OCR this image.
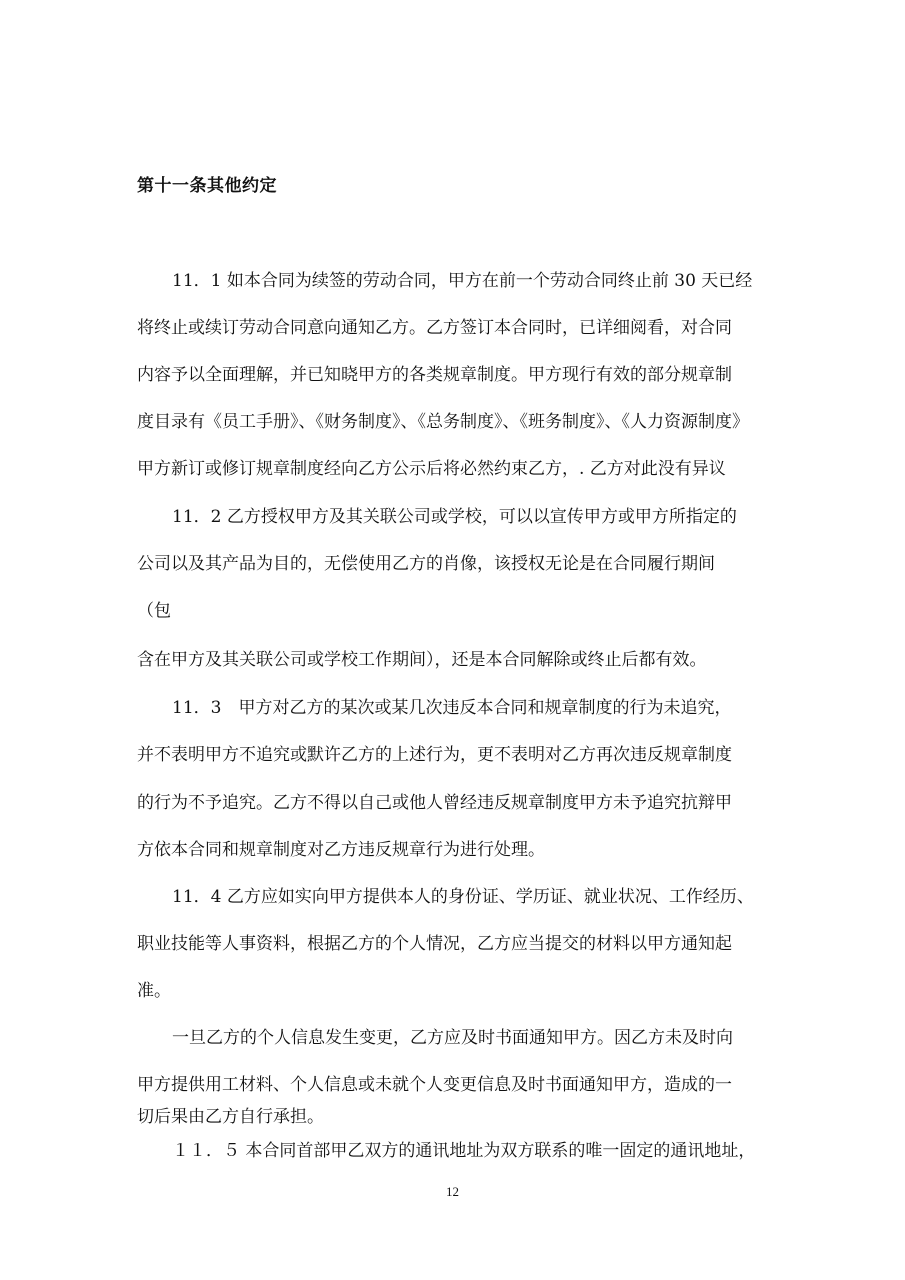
第十一条其他约定
11．1 如本合同为续签的劳动合同，甲方在前一个劳动合同终止前 30 天已经
将终止或续订劳动合同意向通知乙方。乙方签订本合同时，已详细阅看，对合同
内容予以全面理解，并已知晓甲方的各类规章制度。甲方现行有效的部分规章制
度目录有《员工手册》、《财务制度》、《总务制度》、《班务制度》、《人力资源制度》
甲方新订或修订规章制度经向乙方公示后将必然约束乙方，. 乙方对此没有异议
11．2 乙方授权甲方及其关联公司或学校，可以以宣传甲方或甲方所指定的
公司以及其产品为目的，无偿使用乙方的肖像，该授权无论是在合同履行期间
（包
含在甲方及其关联公司或学校工作期间），还是本合同解除或终止后都有效。
11．3　甲方对乙方的某次或某几次违反本合同和规章制度的行为未追究，
并不表明甲方不追究或默许乙方的上述行为，更不表明对乙方再次违反规章制度
的行为不予追究。乙方不得以自己或他人曾经违反规章制度甲方未予追究抗辩甲
方依本合同和规章制度对乙方违反规章行为进行处理。
11．4 乙方应如实向甲方提供本人的身份证、学历证、就业状况、工作经历、
职业技能等人事资料，根据乙方的个人情况，乙方应当提交的材料以甲方通知起
准。
一旦乙方的个人信息发生变更，乙方应及时书面通知甲方。因乙方未及时向
甲方提供用工材料、个人信息或未就个人变更信息及时书面通知甲方，造成的一
切后果由乙方自行承担。
１１．５ 本合同首部甲乙双方的通讯地址为双方联系的唯一固定的通讯地址，
12
